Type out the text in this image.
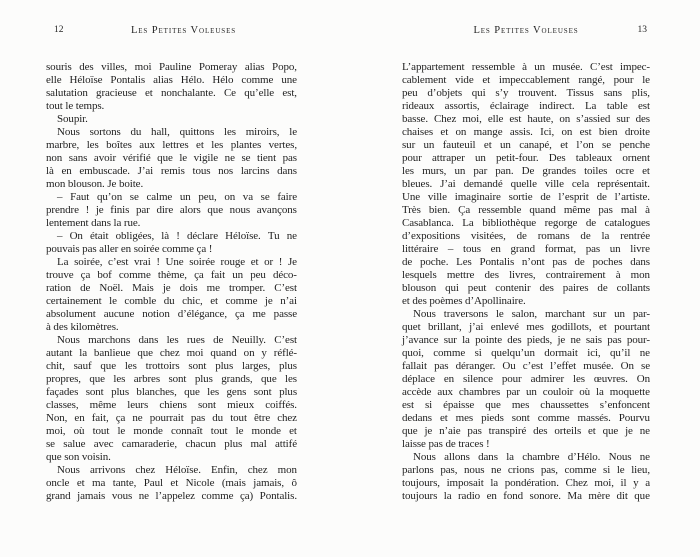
12	Les Petites Voleuses
souris des villes, moi Pauline Pomeray alias Popo,
elle Héloïse Pontalis alias Hélo. Hélo comme une
salutation gracieuse et nonchalante. Ce qu’elle est,
tout le temps.
Soupir.
Nous sortons du hall, quittons les miroirs, le
marbre, les boîtes aux lettres et les plantes vertes,
non sans avoir vérifié que le vigile ne se tient pas
là en embuscade. J’ai remis tous nos larcins dans
mon blouson. Je boite.
– Faut qu’on se calme un peu, on va se faire
prendre ! je finis par dire alors que nous avançons
lentement dans la rue.
– On était obligées, là ! déclare Héloïse. Tu ne
pouvais pas aller en soirée comme ça !
La soirée, c’est vrai ! Une soirée rouge et or ! Je
trouve ça bof comme thème, ça fait un peu déco-
ration de Noël. Mais je dois me tromper. C’est
certainement le comble du chic, et comme je n’ai
absolument aucune notion d’élégance, ça me passe
à des kilomètres.
Nous marchons dans les rues de Neuilly. C’est
autant la banlieue que chez moi quand on y réflé-
chit, sauf que les trottoirs sont plus larges, plus
propres, que les arbres sont plus grands, que les
façades sont plus blanches, que les gens sont plus
classes, même leurs chiens sont mieux coiffés.
Non, en fait, ça ne pourrait pas du tout être chez
moi, où tout le monde connaît tout le monde et
se salue avec camaraderie, chacun plus mal attifé
que son voisin.
Nous arrivons chez Héloïse. Enfin, chez mon
oncle et ma tante, Paul et Nicole (mais jamais, ô
grand jamais vous ne l’appelez comme ça) Pontalis.
Les Petites Voleuses	13
L’appartement ressemble à un musée. C’est impec-
cablement vide et impeccablement rangé, pour le
peu d’objets qui s’y trouvent. Tissus sans plis,
rideaux assortis, éclairage indirect. La table est
basse. Chez moi, elle est haute, on s’assied sur des
chaises et on mange assis. Ici, on est bien droite
sur un fauteuil et un canapé, et l’on se penche
pour attraper un petit-four. Des tableaux ornent
les murs, un par pan. De grandes toiles ocre et
bleues. J’ai demandé quelle ville cela représentait.
Une ville imaginaire sortie de l’esprit de l’artiste.
Très bien. Ça ressemble quand même pas mal à
Casablanca. La bibliothèque regorge de catalogues
d’expositions visitées, de romans de la rentrée
littéraire – tous en grand format, pas un livre
de poche. Les Pontalis n’ont pas de poches dans
lesquels mettre des livres, contrairement à mon
blouson qui peut contenir des paires de collants
et des poèmes d’Apollinaire.
Nous traversons le salon, marchant sur un par-
quet brillant, j’ai enlevé mes godillots, et pourtant
j’avance sur la pointe des pieds, je ne sais pas pour-
quoi, comme si quelqu’un dormait ici, qu’il ne
fallait pas déranger. Ou c’est l’effet musée. On se
déplace en silence pour admirer les œuvres. On
accède aux chambres par un couloir où la moquette
est si épaisse que mes chaussettes s’enfoncent
dedans et mes pieds sont comme massés. Pourvu
que je n’aie pas transpiré des orteils et que je ne
laisse pas de traces !
Nous allons dans la chambre d’Hélo. Nous ne
parlons pas, nous ne crions pas, comme si le lieu,
toujours, imposait la pondération. Chez moi, il y a
toujours la radio en fond sonore. Ma mère dit que
